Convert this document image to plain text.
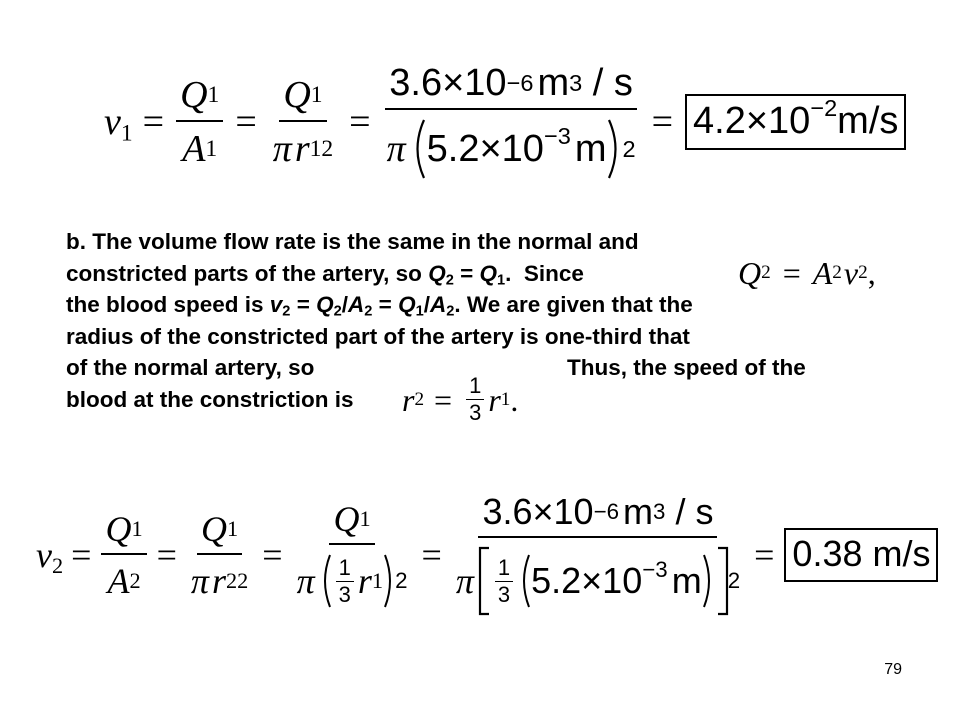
$v_1 = \frac{Q 1}{A 1} = \frac{Q 1}{\text{π r 1 2}}$ =
3.6×10 −6 m 3 / s
π $5.2\times 10^{-3}$ m 2
= $4.2\times 10^{-2}m/s$
b. The volume flow rate is the same in the normal and
constricted parts of the artery, so $Q_2 = Q_1$.  Since
the blood speed is $v_2 = Q_2/A_2 = Q_1/A_2$. We are given that the
radius of the constricted part of the artery is one-third that
of the normal artery, so	Thus, the speed of the
blood at the constriction is
Q 2 = A 2 v 2 ,
r $2 = \frac{1}{3}$ r 1 .
$v_2 = \frac{Q 1}{A 2} = \frac{Q 1}{\text{π r 2 2}}$ =
Q 1
π $\frac{1}{3}$ r 1 2
=
3.6×10 −6 m 3 / s
π $\frac{1}{3} 5.2\times 10^{-3}$ m 2
= 0.38 m/s
79
